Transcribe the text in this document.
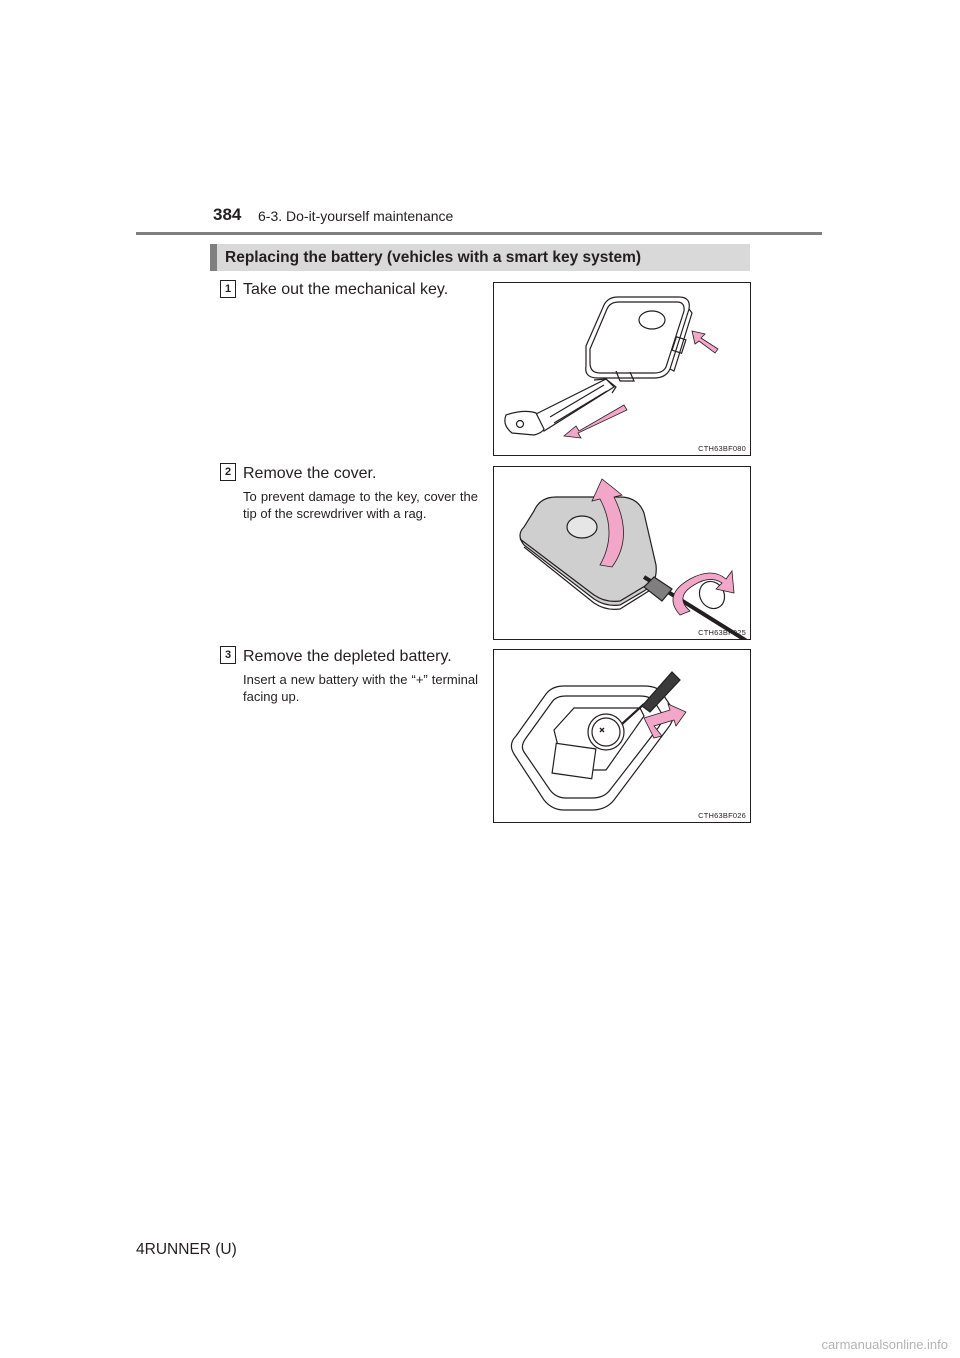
384 6-3. Do-it-yourself maintenance
Replacing the battery (vehicles with a smart key system)
1 Take out the mechanical key.
CTH63BF080
2 Remove the cover.
To prevent damage to the key, cover the tip of the screwdriver with a rag.
CTH63BF025
3 Remove the depleted battery.
Insert a new battery with the “+” terminal facing up.
CTH63BF026
4RUNNER (U)
carmanualsonline.info
